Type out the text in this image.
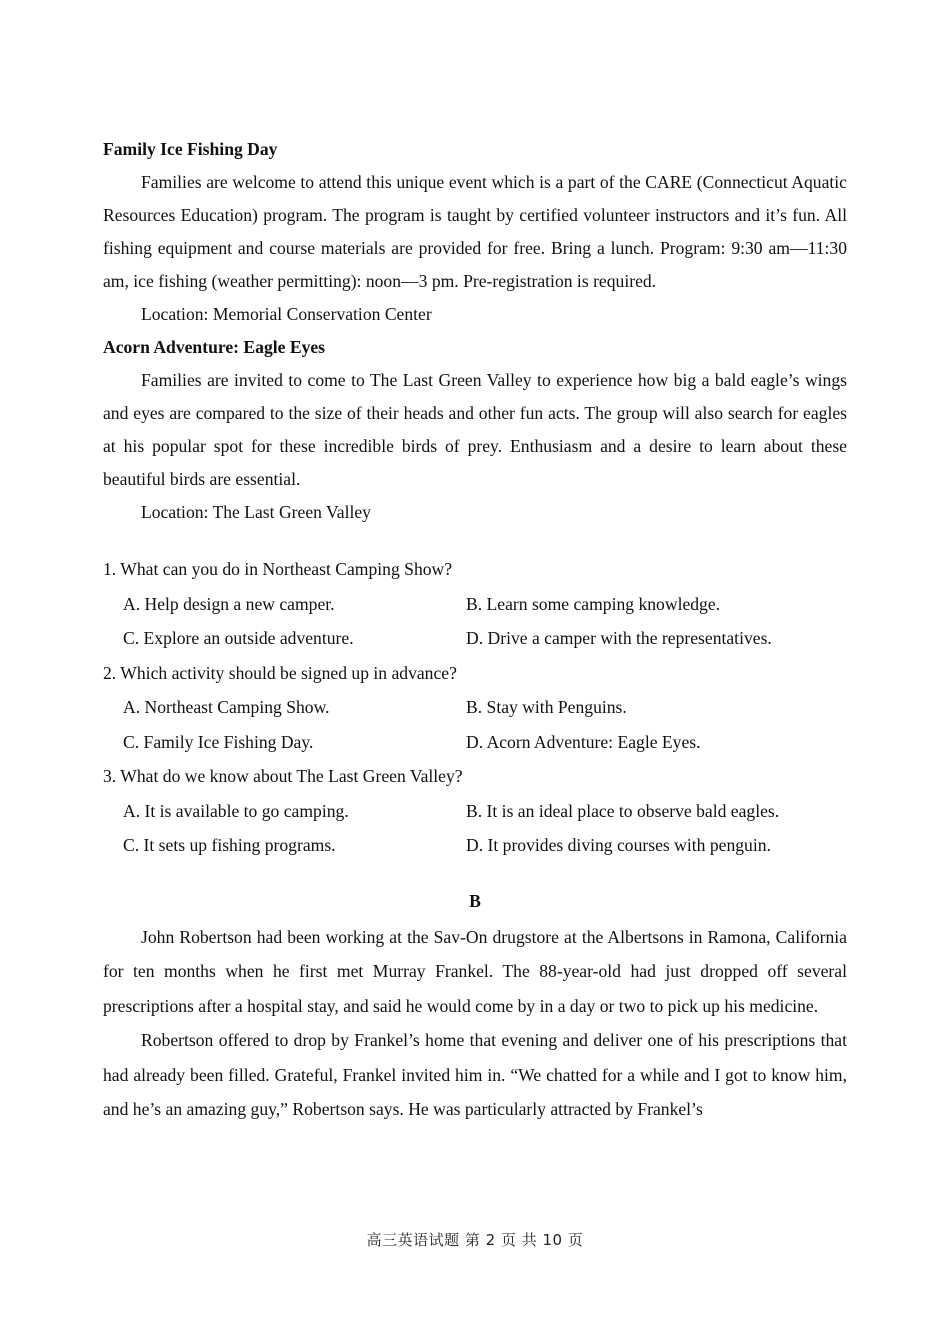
Family Ice Fishing Day
Families are welcome to attend this unique event which is a part of the CARE (Connecticut Aquatic Resources Education) program. The program is taught by certified volunteer instructors and it’s fun. All fishing equipment and course materials are provided for free. Bring a lunch. Program: 9:30 am—11:30 am, ice fishing (weather permitting): noon—3 pm. Pre-registration is required.
Location: Memorial Conservation Center
Acorn Adventure: Eagle Eyes
Families are invited to come to The Last Green Valley to experience how big a bald eagle’s wings and eyes are compared to the size of their heads and other fun acts. The group will also search for eagles at his popular spot for these incredible birds of prey. Enthusiasm and a desire to learn about these beautiful birds are essential.
Location: The Last Green Valley
1. What can you do in Northeast Camping Show?
A. Help design a new camper.	B. Learn some camping knowledge.
C. Explore an outside adventure.	D. Drive a camper with the representatives.
2. Which activity should be signed up in advance?
A. Northeast Camping Show.	B. Stay with Penguins.
C. Family Ice Fishing Day.	D. Acorn Adventure: Eagle Eyes.
3. What do we know about The Last Green Valley?
A. It is available to go camping.	B. It is an ideal place to observe bald eagles.
C. It sets up fishing programs.	D. It provides diving courses with penguin.
B
John Robertson had been working at the Sav-On drugstore at the Albertsons in Ramona, California for ten months when he first met Murray Frankel. The 88-year-old had just dropped off several prescriptions after a hospital stay, and said he would come by in a day or two to pick up his medicine.
Robertson offered to drop by Frankel’s home that evening and deliver one of his prescriptions that had already been filled. Grateful, Frankel invited him in. “We chatted for a while and I got to know him, and he’s an amazing guy,” Robertson says. He was particularly attracted by Frankel’s
高三英语试题 第 2 页 共 10 页
